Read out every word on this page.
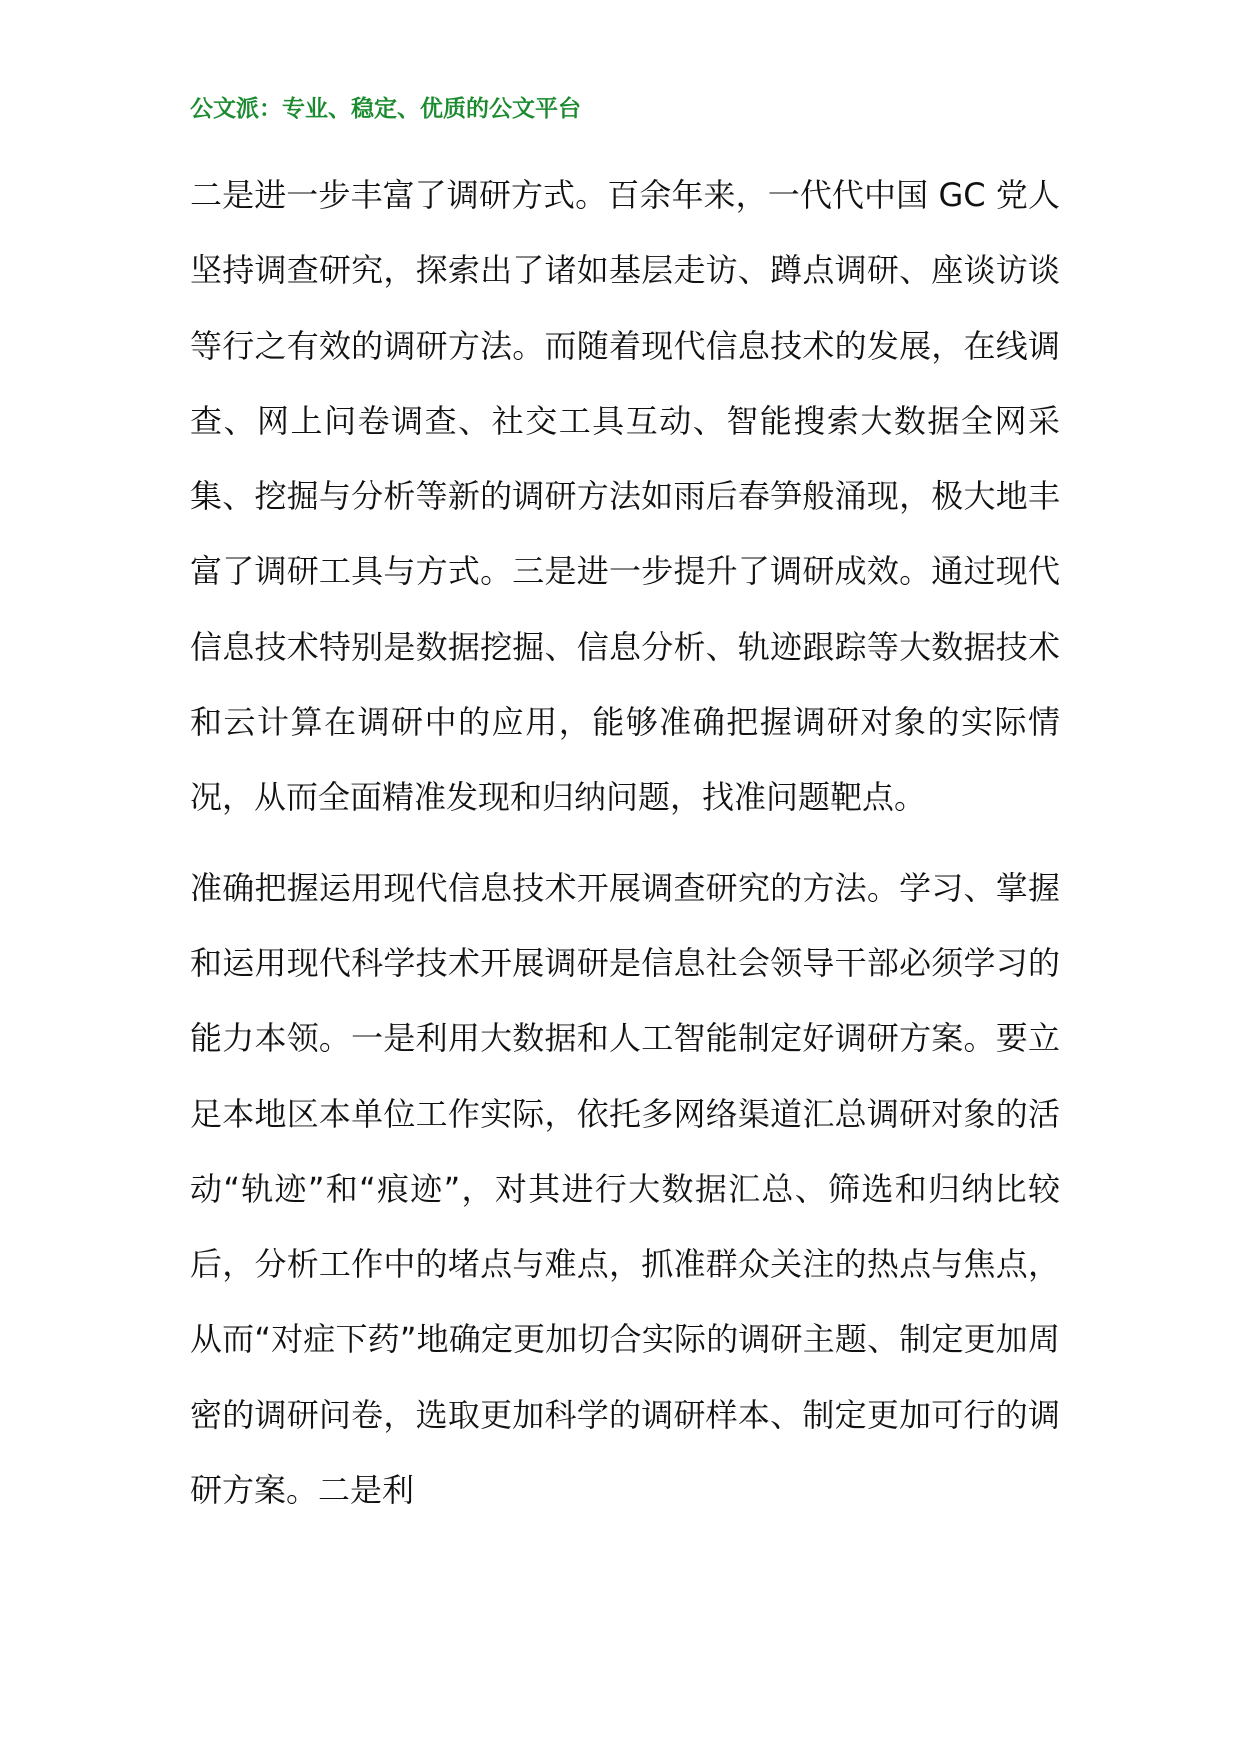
公文派：专业、稳定、优质的公文平台

二是进一步丰富了调研方式。百余年来，一代代中国 GC 党人坚持调查研究，探索出了诸如基层走访、蹲点调研、座谈访谈等行之有效的调研方法。而随着现代信息技术的发展，在线调查、网上问卷调查、社交工具互动、智能搜索大数据全网采集、挖掘与分析等新的调研方法如雨后春笋般涌现，极大地丰富了调研工具与方式。三是进一步提升了调研成效。通过现代信息技术特别是数据挖掘、信息分析、轨迹跟踪等大数据技术和云计算在调研中的应用，能够准确把握调研对象的实际情况，从而全面精准发现和归纳问题，找准问题靶点。

准确把握运用现代信息技术开展调查研究的方法。学习、掌握和运用现代科学技术开展调研是信息社会领导干部必须学习的能力本领。一是利用大数据和人工智能制定好调研方案。要立足本地区本单位工作实际，依托多网络渠道汇总调研对象的活动“轨迹”和“痕迹”，对其进行大数据汇总、筛选和归纳比较后，分析工作中的堵点与难点，抓准群众关注的热点与焦点，从而“对症下药”地确定更加切合实际的调研主题、制定更加周密的调研问卷，选取更加科学的调研样本、制定更加可行的调研方案。二是利
